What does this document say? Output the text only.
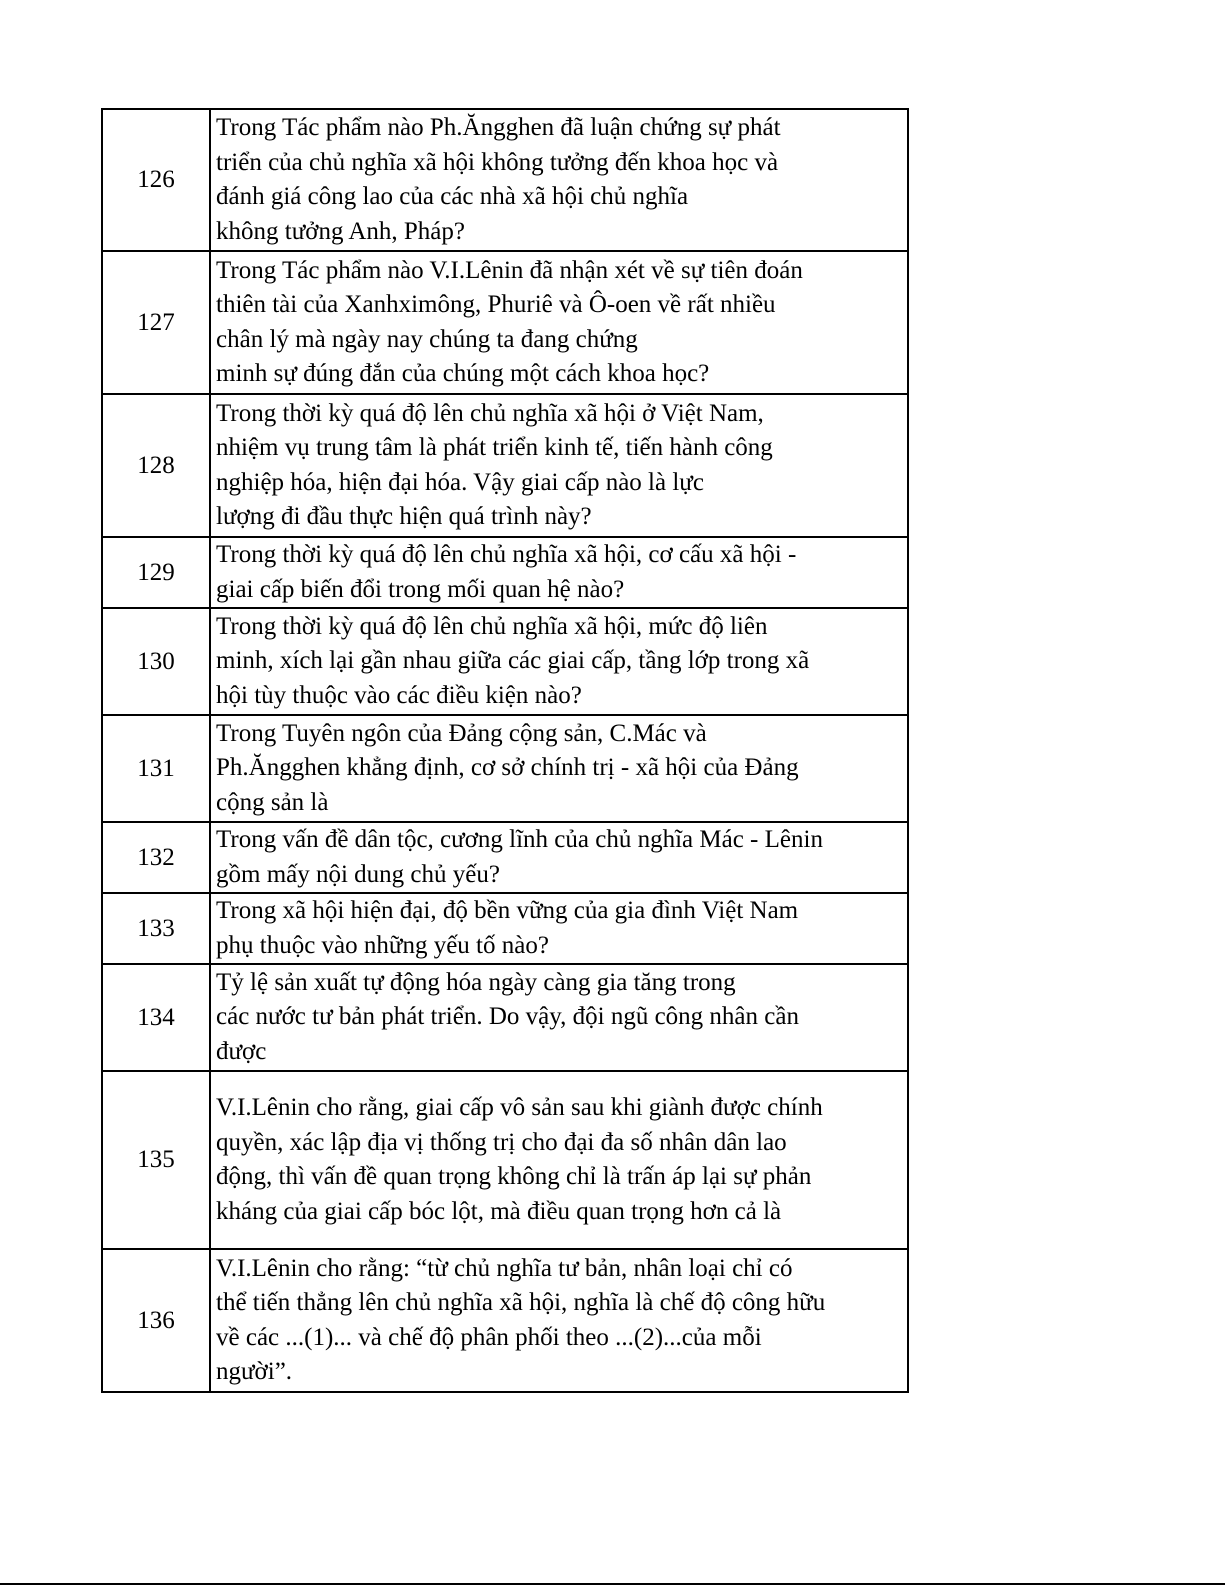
126	Trong Tác phẩm nào Ph.Ăngghen đã luận chứng sự phát
triển của chủ nghĩa xã hội không tưởng đến khoa học và
đánh giá công lao của các nhà xã hội chủ nghĩa
không tưởng Anh, Pháp?

127	Trong Tác phẩm nào V.I.Lênin đã nhận xét về sự tiên đoán
thiên tài của Xanhximông, Phuriê và Ô-oen về rất nhiều
chân lý mà ngày nay chúng ta đang chứng
minh sự đúng đắn của chúng một cách khoa học?

128	Trong thời kỳ quá độ lên chủ nghĩa xã hội ở Việt Nam,
nhiệm vụ trung tâm là phát triển kinh tế, tiến hành công
nghiệp hóa, hiện đại hóa. Vậy giai cấp nào là lực
lượng đi đầu thực hiện quá trình này?

129	Trong thời kỳ quá độ lên chủ nghĩa xã hội, cơ cấu xã hội -
giai cấp biến đổi trong mối quan hệ nào?

130	Trong thời kỳ quá độ lên chủ nghĩa xã hội, mức độ liên
minh, xích lại gần nhau giữa các giai cấp, tầng lớp trong xã
hội tùy thuộc vào các điều kiện nào?

131	Trong Tuyên ngôn của Đảng cộng sản, C.Mác và
Ph.Ăngghen khẳng định, cơ sở chính trị - xã hội của Đảng
cộng sản là

132	Trong vấn đề dân tộc, cương lĩnh của chủ nghĩa Mác - Lênin
gồm mấy nội dung chủ yếu?

133	Trong xã hội hiện đại, độ bền vững của gia đình Việt Nam
phụ thuộc vào những yếu tố nào?

134	Tỷ lệ sản xuất tự động hóa ngày càng gia tăng trong
các nước tư bản phát triển. Do vậy, đội ngũ công nhân cần
được

135	V.I.Lênin cho rằng, giai cấp vô sản sau khi giành được chính
quyền, xác lập địa vị thống trị cho đại đa số nhân dân lao
động, thì vấn đề quan trọng không chỉ là trấn áp lại sự phản
kháng của giai cấp bóc lột, mà điều quan trọng hơn cả là

136	V.I.Lênin cho rằng: “từ chủ nghĩa tư bản, nhân loại chỉ có
thể tiến thẳng lên chủ nghĩa xã hội, nghĩa là chế độ công hữu
về các ...(1)... và chế độ phân phối theo ...(2)...của mỗi
người”.
